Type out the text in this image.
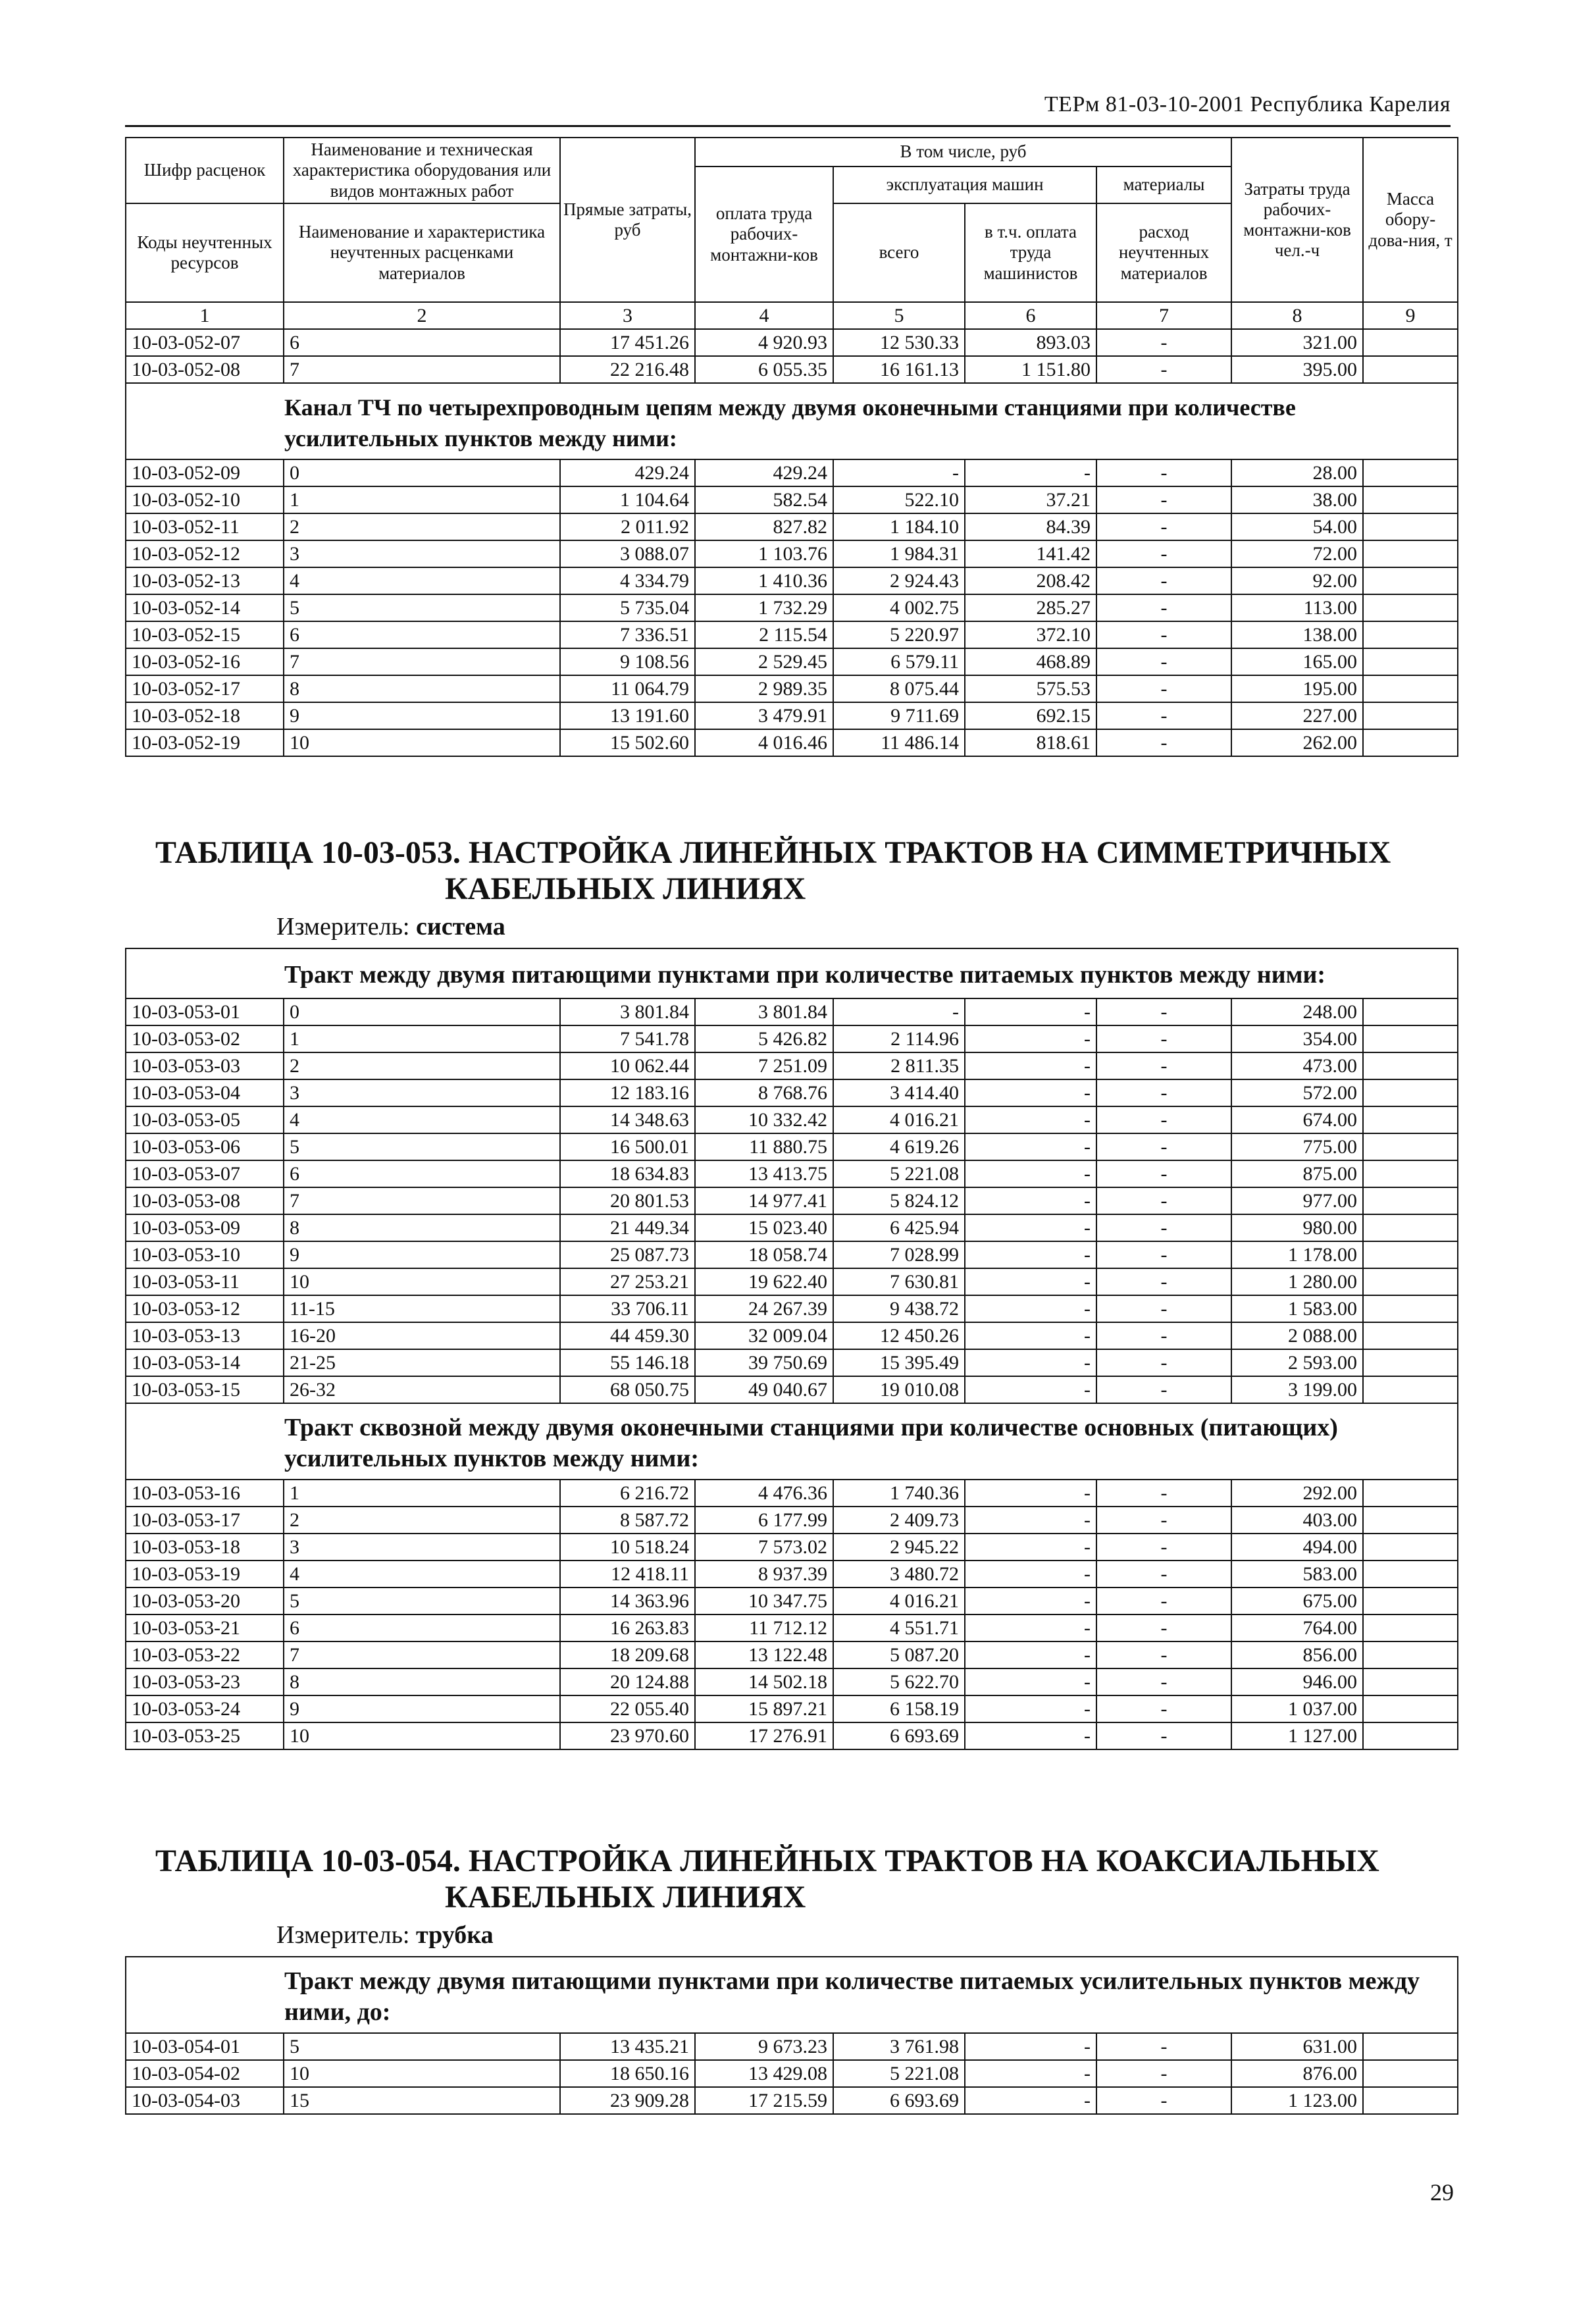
ТЕРм 81-03-10-2001 Республика Карелия
Шифр расценок	Наименование и техническая характеристика оборудования или видов монтажных работ	Прямые затраты, руб	В том числе, руб				Затраты труда рабочих-монтажни-ков чел.-ч	Масса обору-дова-ния, т
			оплата труда рабочих-монтажни-ков	эксплуатация машин		материалы		
Коды неучтенных ресурсов	Наименование и характеристика неучтенных расценками материалов			всего	в т.ч. оплата труда машинистов	расход неучтенных материалов		

1	2	3	4	5	6	7	8	9
10-03-052-07	6	17 451.26	4 920.93	12 530.33	893.03	-	321.00	
10-03-052-08	7	22 216.48	6 055.35	16 161.13	1 151.80	-	395.00	
Канал ТЧ по четырехпроводным цепям между двумя оконечными станциями при количестве усилительных пунктов между ними:								
10-03-052-09	0	429.24	429.24	-	-	-	28.00	
10-03-052-10	1	1 104.64	582.54	522.10	37.21	-	38.00	
10-03-052-11	2	2 011.92	827.82	1 184.10	84.39	-	54.00	
10-03-052-12	3	3 088.07	1 103.76	1 984.31	141.42	-	72.00	
10-03-052-13	4	4 334.79	1 410.36	2 924.43	208.42	-	92.00	
10-03-052-14	5	5 735.04	1 732.29	4 002.75	285.27	-	113.00	
10-03-052-15	6	7 336.51	2 115.54	5 220.97	372.10	-	138.00	
10-03-052-16	7	9 108.56	2 529.45	6 579.11	468.89	-	165.00	
10-03-052-17	8	11 064.79	2 989.35	8 075.44	575.53	-	195.00	
10-03-052-18	9	13 191.60	3 479.91	9 711.69	692.15	-	227.00	
10-03-052-19	10	15 502.60	4 016.46	11 486.14	818.61	-	262.00	
ТАБЛИЦА 10-03-053. НАСТРОЙКА ЛИНЕЙНЫХ ТРАКТОВ НА СИММЕТРИЧНЫХ
КАБЕЛЬНЫХ ЛИНИЯХ
Измеритель: система
Тракт между двумя питающими пунктами при количестве питаемых пунктов между ними:								
10-03-053-01	0	3 801.84	3 801.84	-	-	-	248.00	
10-03-053-02	1	7 541.78	5 426.82	2 114.96	-	-	354.00	
10-03-053-03	2	10 062.44	7 251.09	2 811.35	-	-	473.00	
10-03-053-04	3	12 183.16	8 768.76	3 414.40	-	-	572.00	
10-03-053-05	4	14 348.63	10 332.42	4 016.21	-	-	674.00	
10-03-053-06	5	16 500.01	11 880.75	4 619.26	-	-	775.00	
10-03-053-07	6	18 634.83	13 413.75	5 221.08	-	-	875.00	
10-03-053-08	7	20 801.53	14 977.41	5 824.12	-	-	977.00	
10-03-053-09	8	21 449.34	15 023.40	6 425.94	-	-	980.00	
10-03-053-10	9	25 087.73	18 058.74	7 028.99	-	-	1 178.00	
10-03-053-11	10	27 253.21	19 622.40	7 630.81	-	-	1 280.00	
10-03-053-12	11-15	33 706.11	24 267.39	9 438.72	-	-	1 583.00	
10-03-053-13	16-20	44 459.30	32 009.04	12 450.26	-	-	2 088.00	
10-03-053-14	21-25	55 146.18	39 750.69	15 395.49	-	-	2 593.00	
10-03-053-15	26-32	68 050.75	49 040.67	19 010.08	-	-	3 199.00	
Тракт сквозной между двумя оконечными станциями при количестве основных (питающих) усилительных пунктов между ними:								
10-03-053-16	1	6 216.72	4 476.36	1 740.36	-	-	292.00	
10-03-053-17	2	8 587.72	6 177.99	2 409.73	-	-	403.00	
10-03-053-18	3	10 518.24	7 573.02	2 945.22	-	-	494.00	
10-03-053-19	4	12 418.11	8 937.39	3 480.72	-	-	583.00	
10-03-053-20	5	14 363.96	10 347.75	4 016.21	-	-	675.00	
10-03-053-21	6	16 263.83	11 712.12	4 551.71	-	-	764.00	
10-03-053-22	7	18 209.68	13 122.48	5 087.20	-	-	856.00	
10-03-053-23	8	20 124.88	14 502.18	5 622.70	-	-	946.00	
10-03-053-24	9	22 055.40	15 897.21	6 158.19	-	-	1 037.00	
10-03-053-25	10	23 970.60	17 276.91	6 693.69	-	-	1 127.00	
ТАБЛИЦА 10-03-054. НАСТРОЙКА ЛИНЕЙНЫХ ТРАКТОВ НА КОАКСИАЛЬНЫХ
КАБЕЛЬНЫХ ЛИНИЯХ
Измеритель: трубка
Тракт между двумя питающими пунктами при количестве питаемых усилительных пунктов между ними, до:								
10-03-054-01	5	13 435.21	9 673.23	3 761.98	-	-	631.00	
10-03-054-02	10	18 650.16	13 429.08	5 221.08	-	-	876.00	
10-03-054-03	15	23 909.28	17 215.59	6 693.69	-	-	1 123.00	
29
